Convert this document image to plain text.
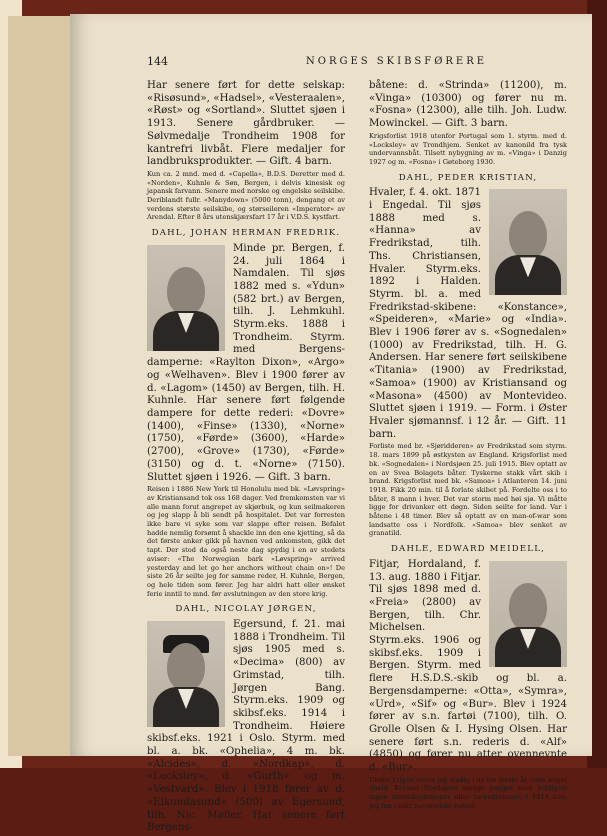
144	NORGES SKIBSFØRERE

Har senere ført for dette selskap: «Risøsund», «Hadsel», «Vesteraalen», «Røst» og «Sortland». Sluttet sjøen i 1913. Senere gårdbruker. — Sølvmedalje Trondheim 1908 for kantrefri livbåt. Flere medaljer for landbruksprodukter. — Gift. 4 barn.

Kun ca. 2 mnd. med d. «Capella», B.D.S. Deretter med d. «Norden», Kuhnle & Søn, Bergen, i delvis kinesisk og japansk farvann. Senere med norske og engelske seilskibe. Deriblandt fullr. «Manydown» (5000 tonn), dengang et av verdens største seilskibe, og størseileren «Imperator» av Arendal. Efter 8 års utenskjærsfart 17 år i V.D.S. kystfart.

DAHL, JOHAN HERMAN FREDRIK.

Minde pr. Bergen, f. 24. juli 1864 i Namdalen. Til sjøs 1882 med s. «Ydun» (582 brt.) av Bergen, tilh. J. Lehmkuhl. Styrm.eks. 1888 i Trondheim. Styrm. med Bergens-damperne: «Raylton Dixon», «Argo» og «Welhaven». Blev i 1900 fører av d. «Lagom» (1450) av Bergen, tilh. H. Kuhnle. Har senere ført følgende dampere for dette rederi: «Dovre» (1400), «Finse» (1330), «Norne» (1750), «Førde» (3600), «Harde» (2700), «Grove» (1730), «Førde» (3150) og d. t. «Norne» (7150). Sluttet sjøen i 1926. — Gift. 3 barn.

Reisen i 1886 New York til Honolulu med bk. «Løvspring» av Kristiansand tok oss 168 dager. Ved fremkomsten var vi alle mann forut angrepet av skjørbuk, og kun seilmakeren og jeg slapp å bli sendt på hospitalet. Det var forresten ikke bare vi syke som var slappe efter reisen. Befalet hadde nemlig forsømt å shackle inn den ene kjetting, så da det første anker gikk på havnen ved ankomsten, gikk det tapt. Der stod da også neste dag spydig i en av stedets aviser: «The Norwegian bark «Løvspring» arrived yesterday and let go her anchors without chain on»! De siste 26 år seilte jeg for samme reder, H. Kuhnle, Bergen, og hele tiden som fører. Jeg har aldri hatt eller ønsket ferie inntil to mnd. før avslutningen av den store krig.

DAHL, NICOLAY JØRGEN,

Egersund, f. 21. mai 1888 i Trondheim. Til sjøs 1905 med s. «Decima» (800) av Grimstad, tilh. Jørgen Bang. Styrm.eks. 1909 og skibsf.eks. 1914 i Trondheim. Høiere skibsf.eks. 1921 i Oslo. Styrm. med bl. a. bk. «Ophelia», 4 m. bk. «Alcides», d. «Nordkap», d. «Locksley», d. «Gurth» og m. «Vestvard». Blev i 1918 fører av d. «Eikundasund» (500) av Egersund, tilh. Nic. Møller. Har senere ført Bergens-

båtene: d. «Strinda» (11200), m. «Vinga» (10300) og fører nu m. «Fosna» (12300), alle tilh. Joh. Ludw. Mowinckel. — Gift. 3 barn.

Krigsforlist 1918 utenfor Portugal som 1. styrm. med d. «Locksley» av Trondhjem. Senket av kanonild fra tysk undervannsbåt. Tilsett nybygning av m. «Vinga» i Danzig 1927 og m. «Fosna» i Gøteborg 1930.

DAHL, PEDER KRISTIAN,

Hvaler, f. 4. okt. 1871 i Engedal. Til sjøs 1888 med s. «Hanna» av Fredrikstad, tilh. Ths. Christiansen, Hvaler. Styrm.eks. 1892 i Halden. Styrm. bl. a. med Fredrikstad-skibene: «Konstance», «Speideren», «Marie» og «India». Blev i 1906 fører av s. «Sognedalen» (1000) av Fredrikstad, tilh. H. G. Andersen. Har senere ført seilskibene «Titania» (1900) av Fredrikstad, «Samoa» (1900) av Kristiansand og «Masona» (4500) av Montevideo. Sluttet sjøen i 1919. — Form. i Øster Hvaler sjømannsf. i 12 år. — Gift. 11 barn.

Forliste med br. «Sjøridderen» av Fredrikstad som styrm. 18. mars 1899 på østkysten av England. Krigsforlist med bk. «Sognedalen» i Nordsjøen 25. juli 1915. Blev optatt av en av Svea Bolagets båter. Tyskerne stakk vårt skib i brand. Krigsforlist med bk. «Samoa» i Atlanteren 14. juni 1918. Fikk 20 min. til å forlate skibet på. Fordelte oss i to båter, 8 mann i hver. Det var storm med høi sjø. Vi måtte ligge for drivanker ett døgn. Siden seilte for land. Var i båtene i 48 timer. Blev så optatt av en man-of-war som landsatte oss i Nordfolk. «Samoa» blev senket av granatild.

DAHLE, EDWARD MEIDELL,

Fitjar, Hordaland, f. 13. aug. 1880 i Fitjar. Til sjøs 1898 med d. «Freia» (2800) av Bergen, tilh. Chr. Michelsen. Styrm.eks. 1906 og skibsf.eks. 1909 i Bergen. Styrm. med flere H.S.D.S.-skib og bl. a. Bergensdamperne: «Otta», «Symra», «Urd», «Sif» og «Bur». Blev i 1924 fører av s.n. fartøi (7100), tilh. O. Grolle Olsen & I. Hysing Olsen. Har senere ført s.n. rederis d. «Alf» (4850) og fører nu atter ovennevnte d. «Bur».

Under krigen reiste jeg stadig i de tre første år, uten noget uheld. Krysset Nordsjøen mange ganger, men heldigvis ingen mineeksplosjoner eller torpederinger. I 1914 kom jeg inn i mitt nuværende rederi.
